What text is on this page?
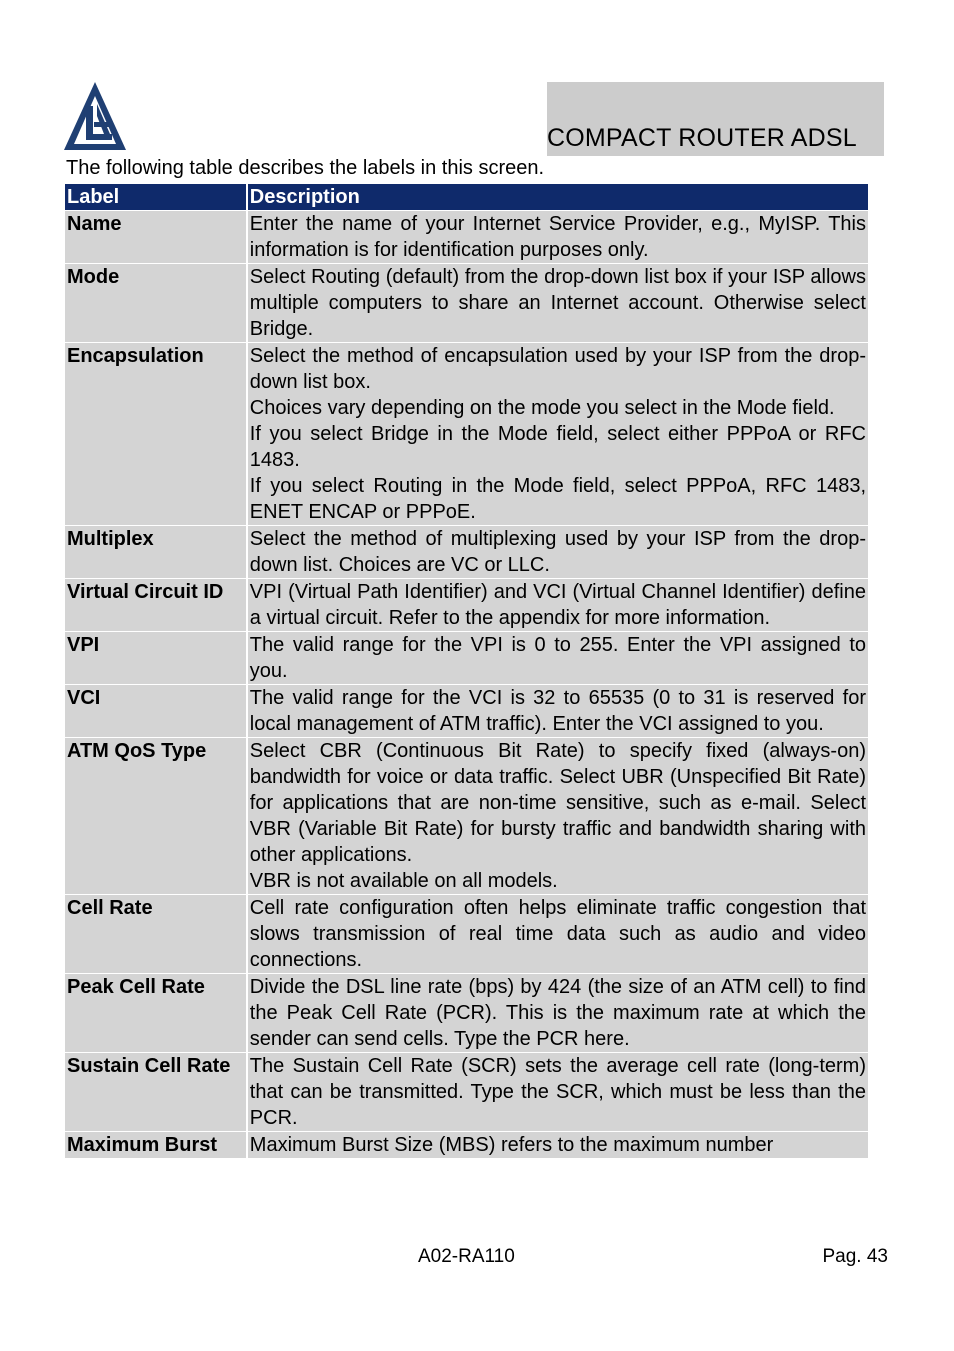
COMPACT ROUTER ADSL
The following table describes the labels in this screen.
Label	Description
Name	Enter the name of your Internet Service Provider, e.g., MyISP. This information is for identification purposes only.

Mode	Select Routing (default) from the drop-down list box if your ISP allows multiple computers to share an Internet account. Otherwise select Bridge.

Encapsulation	Select the method of encapsulation used by your ISP from the drop-down list box.
Choices vary depending on the mode you select in the Mode field.
If you select Bridge in the Mode field, select either PPPoA or RFC 1483.
If you select Routing in the Mode field, select PPPoA, RFC 1483, ENET ENCAP or PPPoE.

Multiplex	Select the method of multiplexing used by your ISP from the drop-down list. Choices are VC or LLC.

Virtual Circuit ID	VPI (Virtual Path Identifier) and VCI (Virtual Channel Identifier) define a virtual circuit. Refer to the appendix for more information.

VPI	The valid range for the VPI is 0 to 255. Enter the VPI assigned to you.

VCI	The valid range for the VCI is 32 to 65535 (0 to 31 is reserved for local management of ATM traffic). Enter the VCI assigned to you.

ATM QoS Type	Select CBR (Continuous Bit Rate) to specify fixed (always-on) bandwidth for voice or data traffic. Select UBR (Unspecified Bit Rate) for applications that are non-time sensitive, such as e-mail. Select VBR (Variable Bit Rate) for bursty traffic and bandwidth sharing with other applications.
VBR is not available on all models.

Cell Rate	Cell rate configuration often helps eliminate traffic congestion that slows transmission of real time data such as audio and video connections.

Peak Cell Rate	Divide the DSL line rate (bps) by 424 (the size of an ATM cell) to find the Peak Cell Rate (PCR). This is the maximum rate at which the sender can send cells. Type the PCR here.

Sustain Cell Rate	The Sustain Cell Rate (SCR) sets the average cell rate (long-term) that can be transmitted. Type the SCR, which must be less than the PCR.

Maximum Burst	Maximum Burst Size (MBS) refers to the maximum number
A02-RA110	Pag. 43
